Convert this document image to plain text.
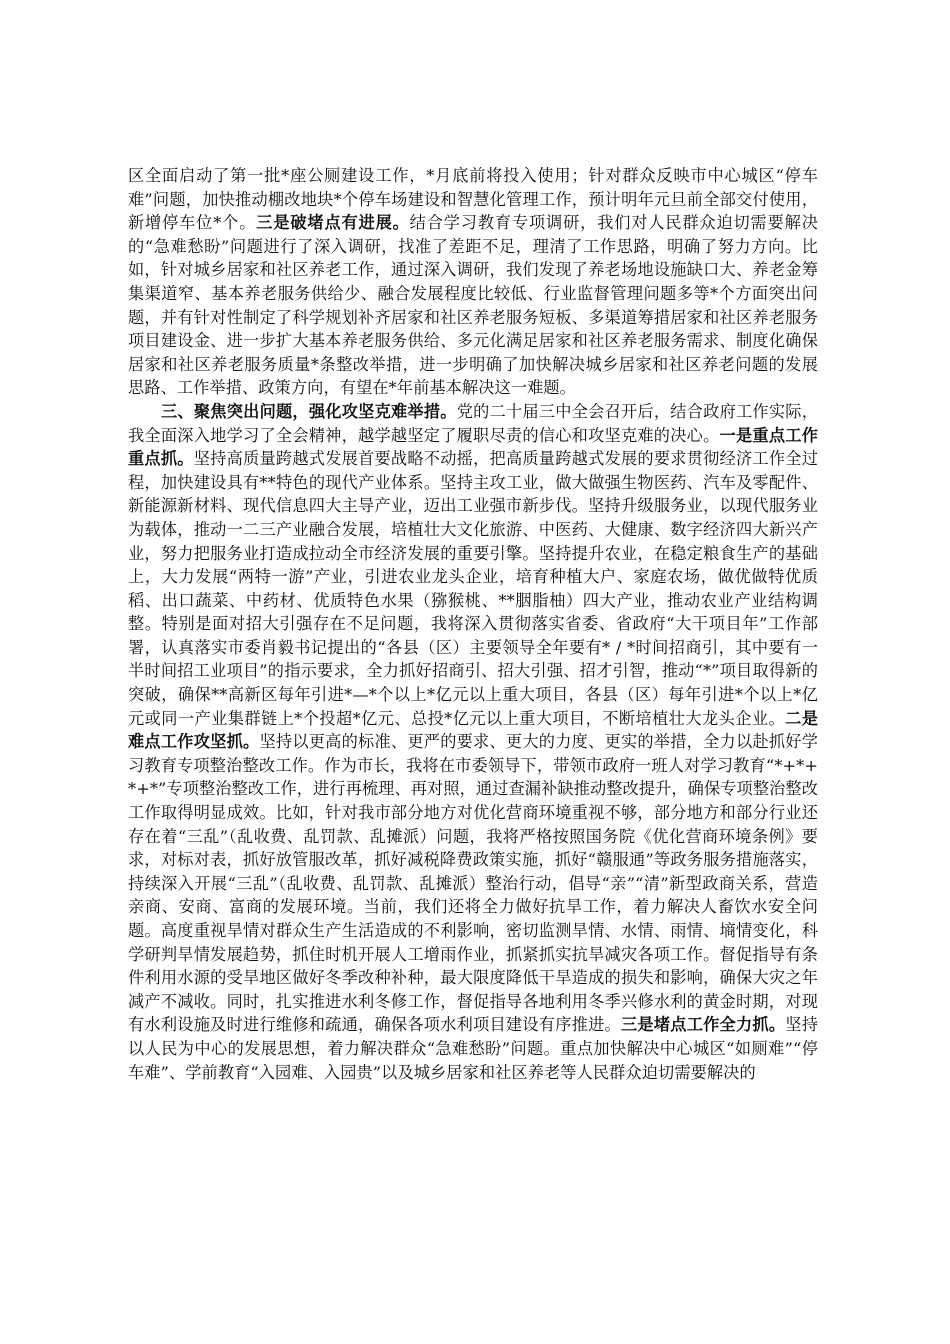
区全面启动了第一批*座公厕建设工作，*月底前将投入使用；针对群众反映市中心城区“停车难”问题，加快推动棚改地块*个停车场建设和智慧化管理工作，预计明年元旦前全部交付使用，新增停车位*个。三是破堵点有进展。结合学习教育专项调研，我们对人民群众迫切需要解决的“急难愁盼”问题进行了深入调研，找准了差距不足，理清了工作思路，明确了努力方向。比如，针对城乡居家和社区养老工作，通过深入调研，我们发现了养老场地设施缺口大、养老金筹集渠道窄、基本养老服务供给少、融合发展程度比较低、行业监督管理问题多等*个方面突出问题，并有针对性制定了科学规划补齐居家和社区养老服务短板、多渠道筹措居家和社区养老服务项目建设金、进一步扩大基本养老服务供给、多元化满足居家和社区养老服务需求、制度化确保居家和社区养老服务质量*条整改举措，进一步明确了加快解决城乡居家和社区养老问题的发展思路、工作举措、政策方向，有望在*年前基本解决这一难题。

三、聚焦突出问题，强化攻坚克难举措。党的二十届三中全会召开后，结合政府工作实际，我全面深入地学习了全会精神，越学越坚定了履职尽责的信心和攻坚克难的决心。一是重点工作重点抓。坚持高质量跨越式发展首要战略不动摇，把高质量跨越式发展的要求贯彻经济工作全过程，加快建设具有**特色的现代产业体系。坚持主攻工业，做大做强生物医药、汽车及零配件、新能源新材料、现代信息四大主导产业，迈出工业强市新步伐。坚持升级服务业，以现代服务业为载体，推动一二三产业融合发展，培植壮大文化旅游、中医药、大健康、数字经济四大新兴产业，努力把服务业打造成拉动全市经济发展的重要引擎。坚持提升农业，在稳定粮食生产的基础上，大力发展“两特一游”产业，引进农业龙头企业，培育种植大户、家庭农场，做优做特优质稻、出口蔬菜、中药材、优质特色水果（猕猴桃、**胭脂柚）四大产业，推动农业产业结构调整。特别是面对招大引强存在不足问题，我将深入贯彻落实省委、省政府“大干项目年”工作部署，认真落实市委肖毅书记提出的“各县（区）主要领导全年要有* / *时间招商引，其中要有一半时间招工业项目”的指示要求，全力抓好招商引、招大引强、招才引智，推动“*”项目取得新的突破，确保**高新区每年引进*—*个以上*亿元以上重大项目，各县（区）每年引进*个以上*亿元或同一产业集群链上*个投超*亿元、总投*亿元以上重大项目，不断培植壮大龙头企业。二是难点工作攻坚抓。坚持以更高的标准、更严的要求、更大的力度、更实的举措，全力以赴抓好学习教育专项整治整改工作。作为市长，我将在市委领导下，带领市政府一班人对学习教育“*+*+*+*”专项整治整改工作，进行再梳理、再对照，通过查漏补缺推动整改提升，确保专项整治整改工作取得明显成效。比如，针对我市部分地方对优化营商环境重视不够，部分地方和部分行业还存在着“三乱”（乱收费、乱罚款、乱摊派）问题，我将严格按照国务院《优化营商环境条例》要求，对标对表，抓好放管服改革，抓好减税降费政策实施，抓好“赣服通”等政务服务措施落实，持续深入开展“三乱”（乱收费、乱罚款、乱摊派）整治行动，倡导“亲”“清”新型政商关系，营造亲商、安商、富商的发展环境。当前，我们还将全力做好抗旱工作，着力解决人畜饮水安全问题。高度重视旱情对群众生产生活造成的不利影响，密切监测旱情、水情、雨情、墒情变化，科学研判旱情发展趋势，抓住时机开展人工增雨作业，抓紧抓实抗旱减灾各项工作。督促指导有条件利用水源的受旱地区做好冬季改种补种，最大限度降低干旱造成的损失和影响，确保大灾之年减产不减收。同时，扎实推进水利冬修工作，督促指导各地利用冬季兴修水利的黄金时期，对现有水利设施及时进行维修和疏通，确保各项水利项目建设有序推进。三是堵点工作全力抓。坚持以人民为中心的发展思想，着力解决群众“急难愁盼”问题。重点加快解决中心城区“如厕难”“停车难”、学前教育“入园难、入园贵”以及城乡居家和社区养老等人民群众迫切需要解决的
